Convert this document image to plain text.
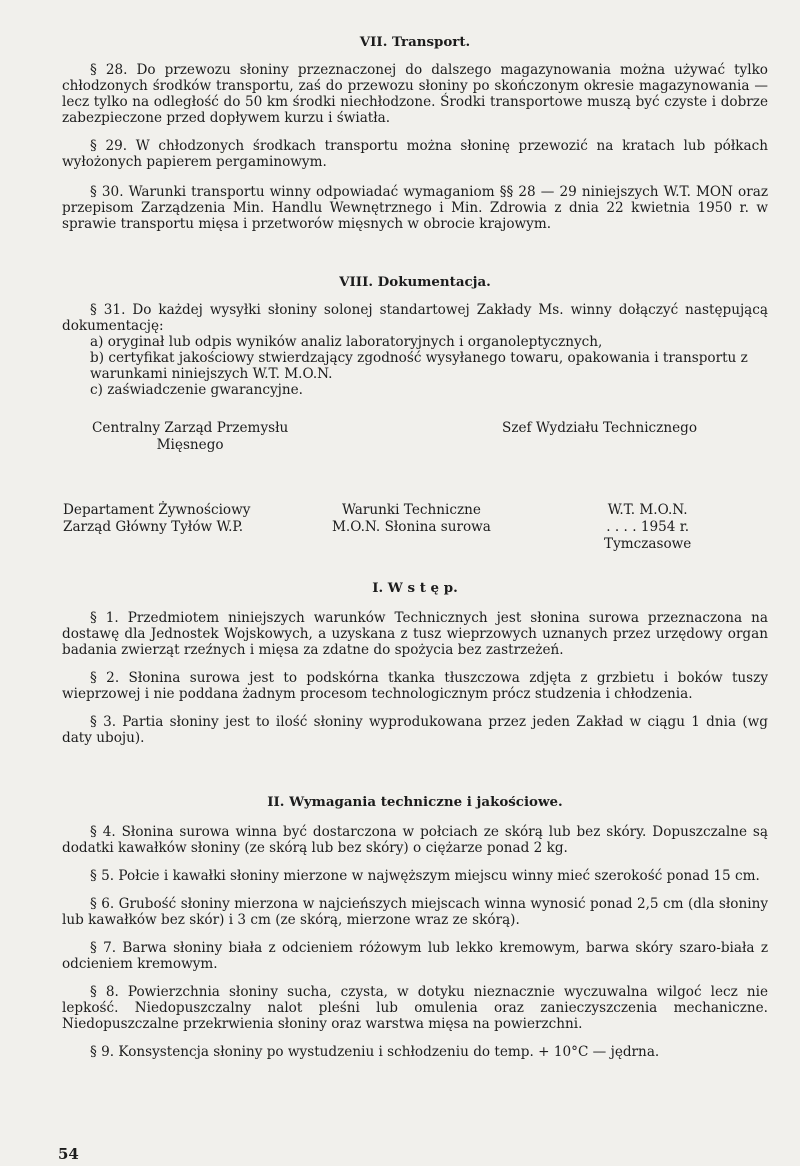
VII. Transport.

§ 28. Do przewozu słoniny przeznaczonej do dalszego magazynowania można używać tylko chłodzonych środków transportu, zaś do przewozu słoniny po skończonym okresie magazynowania — lecz tylko na odległość do 50 km środki niechłodzone. Środki transportowe muszą być czyste i dobrze zabezpieczone przed dopływem kurzu i światła.

§ 29. W chłodzonych środkach transportu można słoninę przewozić na kratach lub półkach wyłożonych papierem pergaminowym.

§ 30. Warunki transportu winny odpowiadać wymaganiom §§ 28 — 29 niniejszych W.T. MON oraz przepisom Zarządzenia Min. Handlu Wewnętrznego i Min. Zdrowia z dnia 22 kwietnia 1950 r. w sprawie transportu mięsa i przetworów mięsnych w obrocie krajowym.

VIII. Dokumentacja.

§ 31. Do każdej wysyłki słoniny solonej standartowej Zakłady Ms. winny dołączyć następującą dokumentację:

a) oryginał lub odpis wyników analiz laboratoryjnych i organoleptycznych,
b) certyfikat jakościowy stwierdzający zgodność wysyłanego towaru, opakowania i transportu z warunkami niniejszych W.T. M.O.N.
c) zaświadczenie gwarancyjne.
Centralny Zarząd Przemysłu
Mięsnego
Szef Wydziału Technicznego
Departament Żywnościowy
Zarząd Główny Tyłów W.P.
Warunki Techniczne
M.O.N. Słonina surowa
W.T. M.O.N.
. . . . 1954 r.
Tymczasowe
I. W s t ę p.

§ 1. Przedmiotem niniejszych warunków Technicznych jest słonina surowa przeznaczona na dostawę dla Jednostek Wojskowych, a uzyskana z tusz wieprzowych uznanych przez urzędowy organ badania zwierząt rzeźnych i mięsa za zdatne do spożycia bez zastrzeżeń.

§ 2. Słonina surowa jest to podskórna tkanka tłuszczowa zdjęta z grzbietu i boków tuszy wieprzowej i nie poddana żadnym procesom technologicznym prócz studzenia i chłodzenia.

§ 3. Partia słoniny jest to ilość słoniny wyprodukowana przez jeden Zakład w ciągu 1 dnia (wg daty uboju).

II. Wymagania techniczne i jakościowe.

§ 4. Słonina surowa winna być dostarczona w połciach ze skórą lub bez skóry. Dopuszczalne są dodatki kawałków słoniny (ze skórą lub bez skóry) o ciężarze ponad 2 kg.

§ 5. Połcie i kawałki słoniny mierzone w najwęższym miejscu winny mieć szerokość ponad 15 cm.

§ 6. Grubość słoniny mierzona w najcieńszych miejscach winna wynosić ponad 2,5 cm (dla słoniny lub kawałków bez skór) i 3 cm (ze skórą, mierzone wraz ze skórą).

§ 7. Barwa słoniny biała z odcieniem różowym lub lekko kremowym, barwa skóry szaro-biała z odcieniem kremowym.

§ 8. Powierzchnia słoniny sucha, czysta, w dotyku nieznacznie wyczuwalna wilgoć lecz nie lepkość. Niedopuszczalny nalot pleśni lub omulenia oraz zanieczyszczenia mechaniczne. Niedopuszczalne przekrwienia słoniny oraz warstwa mięsa na powierzchni.

§ 9. Konsystencja słoniny po wystudzeniu i schłodzeniu do temp. + 10°C — jędrna.

54
